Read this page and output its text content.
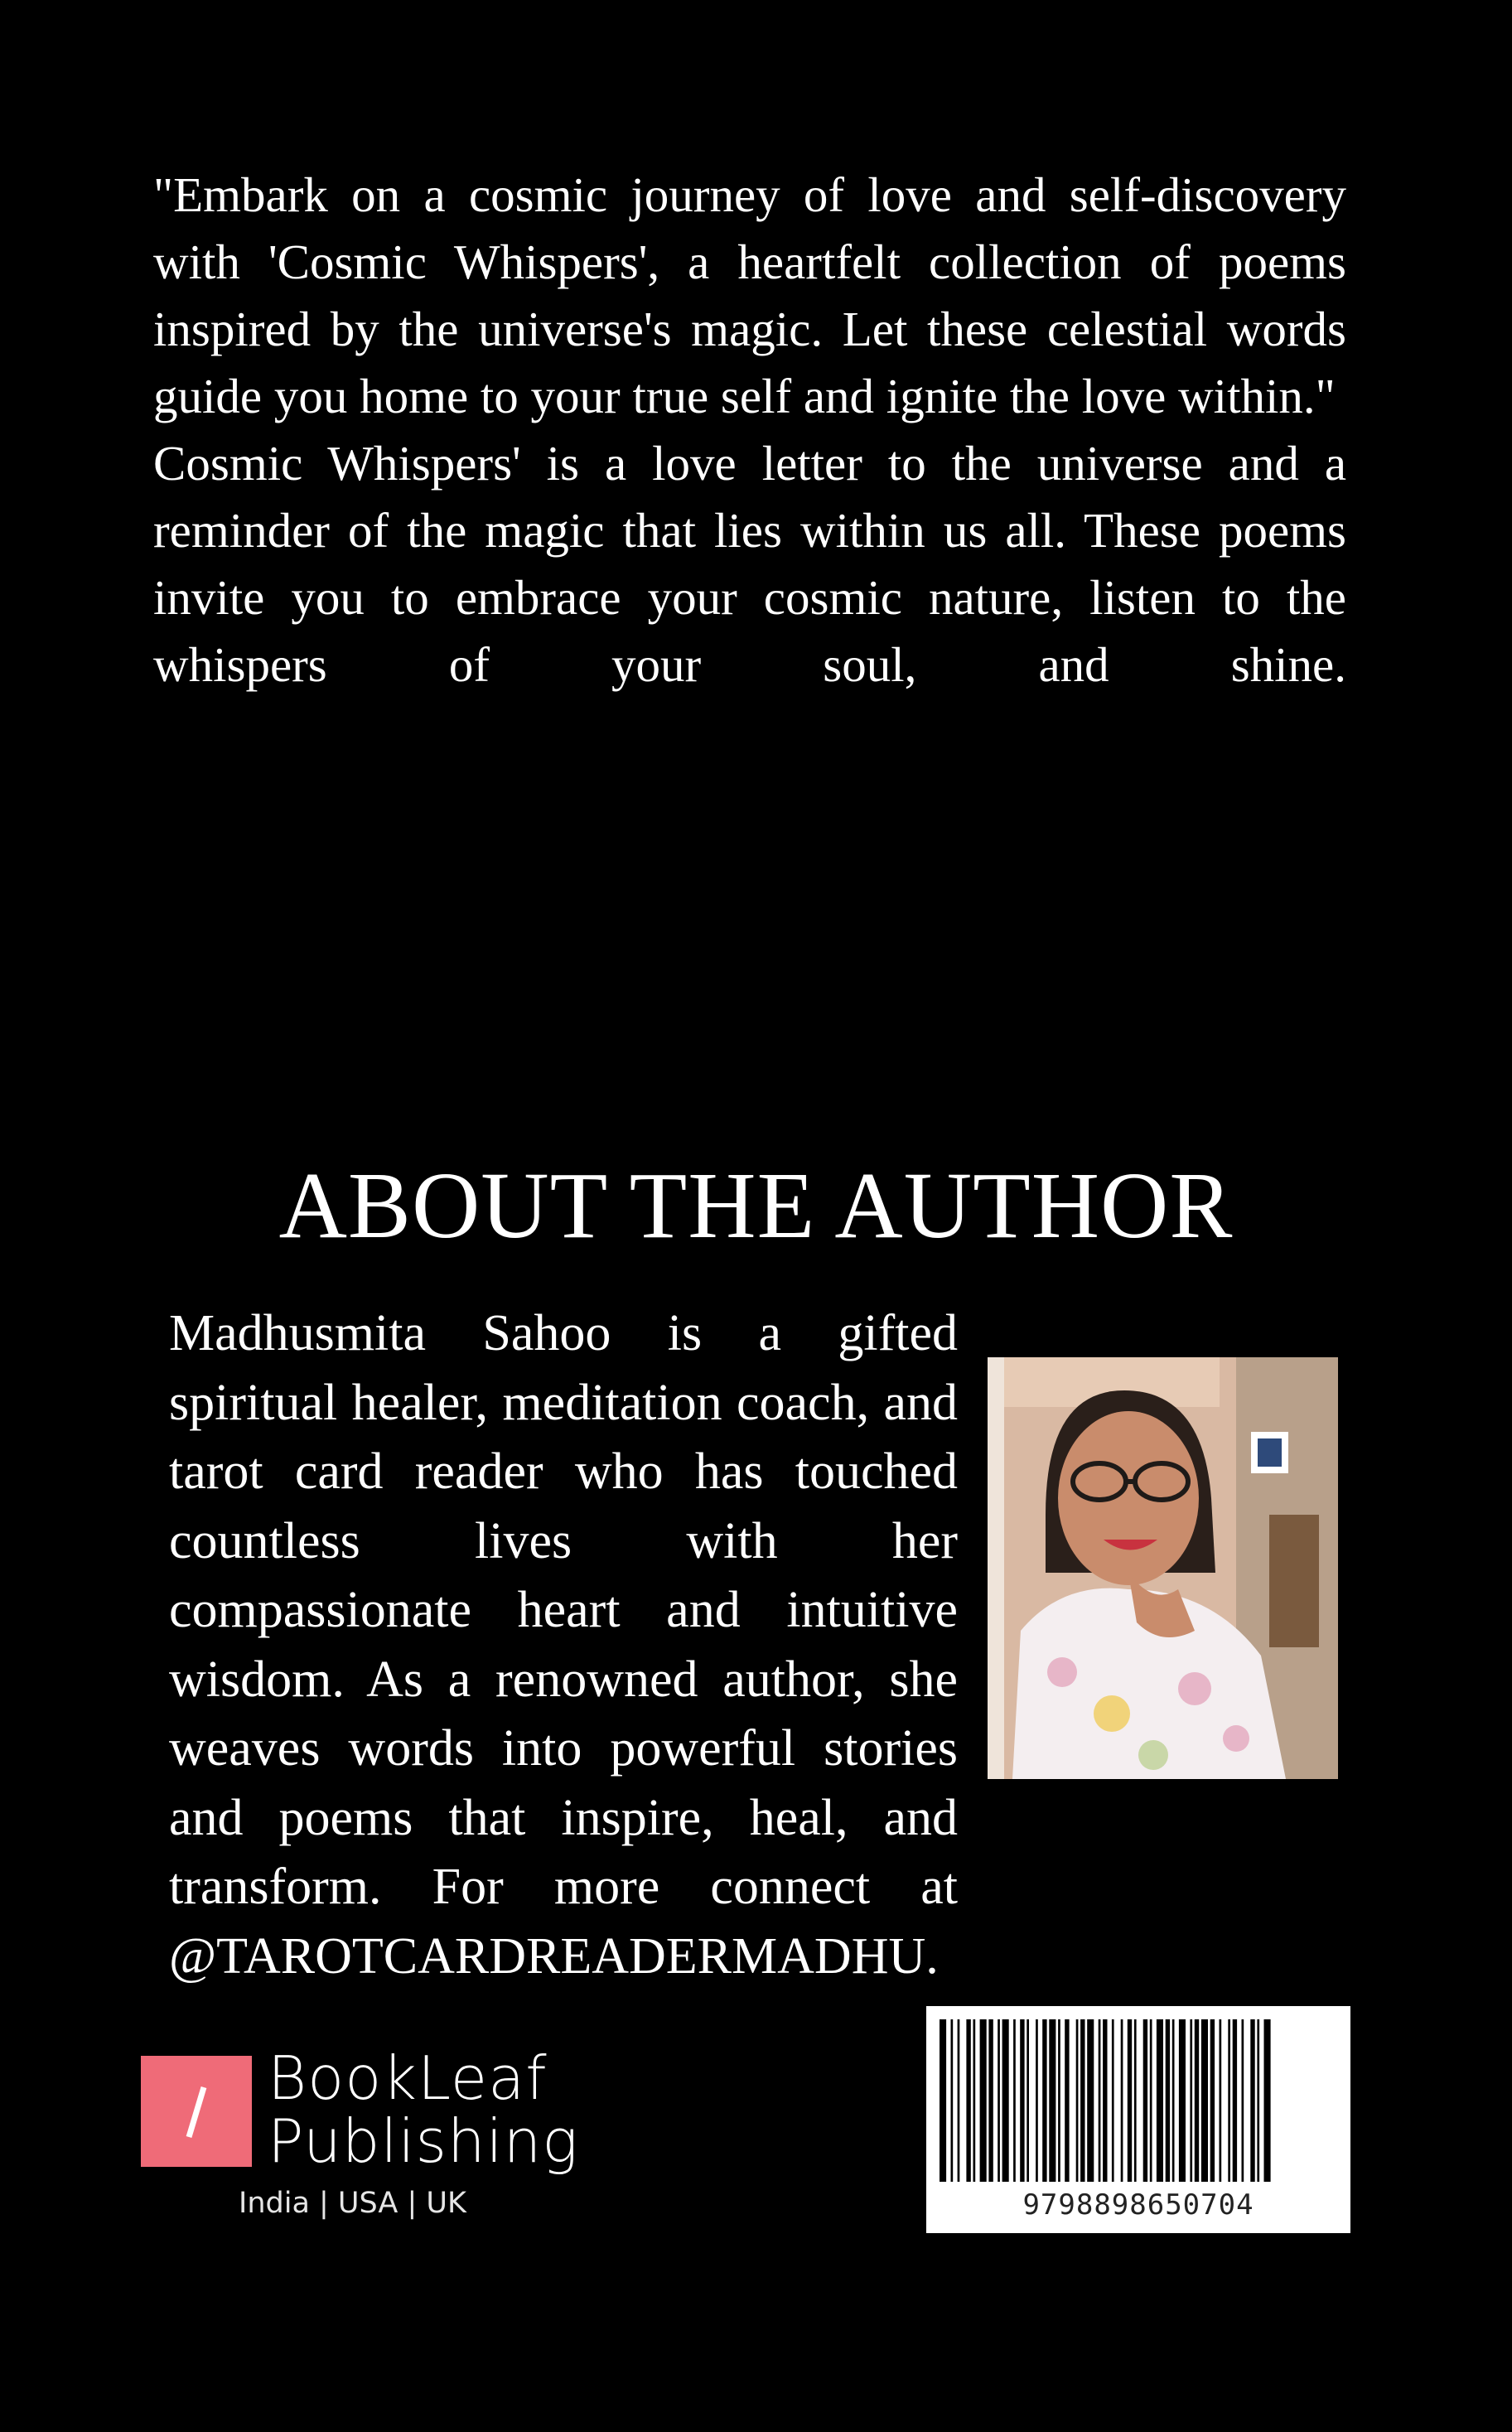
"Embark on a cosmic journey of love and self-discovery with 'Cosmic Whispers', a heartfelt collection of poems inspired by the universe's magic. Let these celestial words guide you home to your true self and ignite the love within."

Cosmic Whispers' is a love letter to the universe and a reminder of the magic that lies within us all. These poems invite you to embrace your cosmic nature, listen to the whispers of your soul, and shine.

ABOUT THE AUTHOR

Madhusmita Sahoo is a gifted spiritual healer, meditation coach, and tarot card reader who has touched countless lives with her compassionate heart and intuitive wisdom. As a renowned author, she weaves words into powerful stories and poems that inspire, heal, and transform. For more connect at @TAROTCARDREADERMADHU.

BookLeaf
Publishing
India | USA | UK	9798898650704
